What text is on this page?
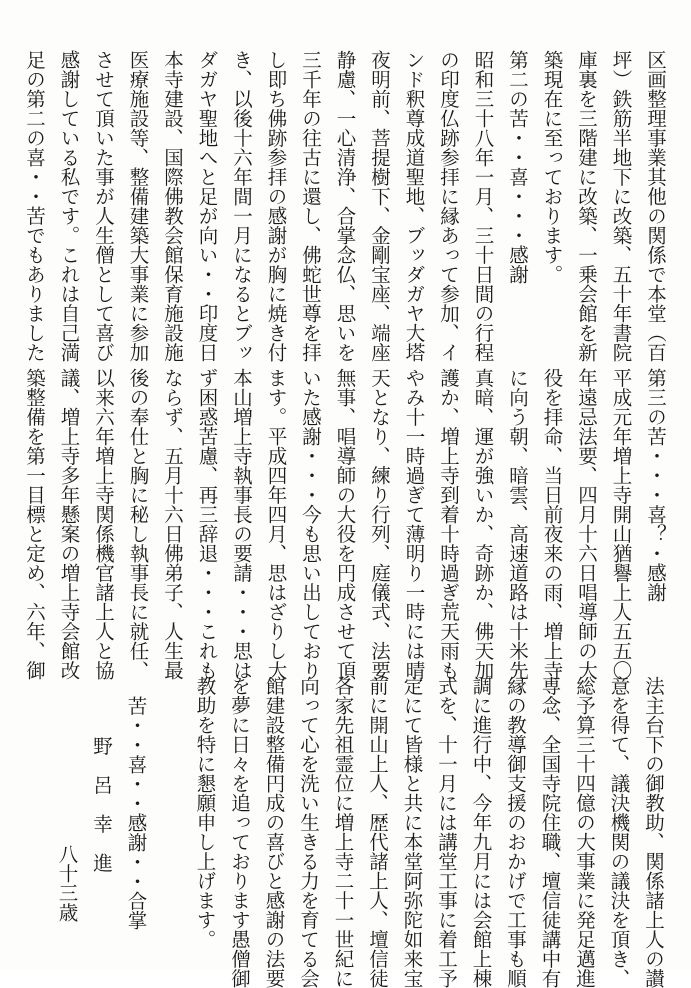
区画整理事業其他の関係で本堂（百
坪）鉄筋半地下に改築、五十年書院
庫裏を三階建に改築、一乗会館を新
築現在に至っております。
第二の苦・・喜・・・感謝
昭和三十八年一月、三十日間の行程
の印度仏跡参拝に縁あって参加、イ
ンド釈尊成道聖地、ブッダガヤ大塔
夜明前、菩提樹下、金剛宝座、端座
静慮、一心清浄、合掌念仏、思いを
三千年の往古に還し、佛蛇世尊を拝
し即ち佛跡参拝の感謝が胸に焼き付
き、以後十六年間一月になるとブッ
ダガヤ聖地へと足が向い・・印度日
本寺建設、国際佛教会館保育施設施
医療施設等、整備建築大事業に参加
させて頂いた事が人生僧として喜び
感謝している私です。これは自己満
足の第二の喜・・苦でもありました
第三の苦・・・喜？・感謝
平成元年増上寺開山猶譽上人五五〇
年遠忌法要、四月十六日唱導師の大
役を拝命、当日前夜来の雨、増上寺
に向う朝、暗雲、高速道路は十米先
真暗、運が強いか、奇跡か、佛天加
護か、増上寺到着十時過ぎ荒天雨も
やみ十一時過ぎて薄明り一時には晴
天となり、練り行列、庭儀式、法要
無事、唱導師の大役を円成させて頂
いた感謝・・・今も思い出しており
ます。平成四年四月、思はざりし大
本山増上寺執事長の要請・・・思は
ず困惑苦慮、再三辞退・・・これも
ならず、五月十六日佛弟子、人生最
後の奉仕と胸に秘し執事長に就任、
以来六年増上寺関係機官諸上人と協
議、増上寺多年懸案の増上寺会館改
築整備を第一目標と定め、六年、御
法主台下の御教助、関係諸上人の讃
意を得て、議決機関の議決を頂き、
総予算三十四億の大事業に発足邁進
専念、全国寺院住職、壇信徒講中有
縁の教導御支援のおかげで工事も順
調に進行中、今年九月には会館上棟
式を、十一月には講堂工事に着工予
定にて皆様と共に本堂阿弥陀如来宝
前に開山上人、歴代諸上人、壇信徒
各家先祖霊位に増上寺二十一世紀に
向って心を洗い生きる力を育てる会
館建設整備円成の喜びと感謝の法要
を夢に日々を追っております愚僧御
教助を特に懇願申し上げます。

苦・・喜・・感謝・・合掌
野　呂　幸　進
八十三歳
